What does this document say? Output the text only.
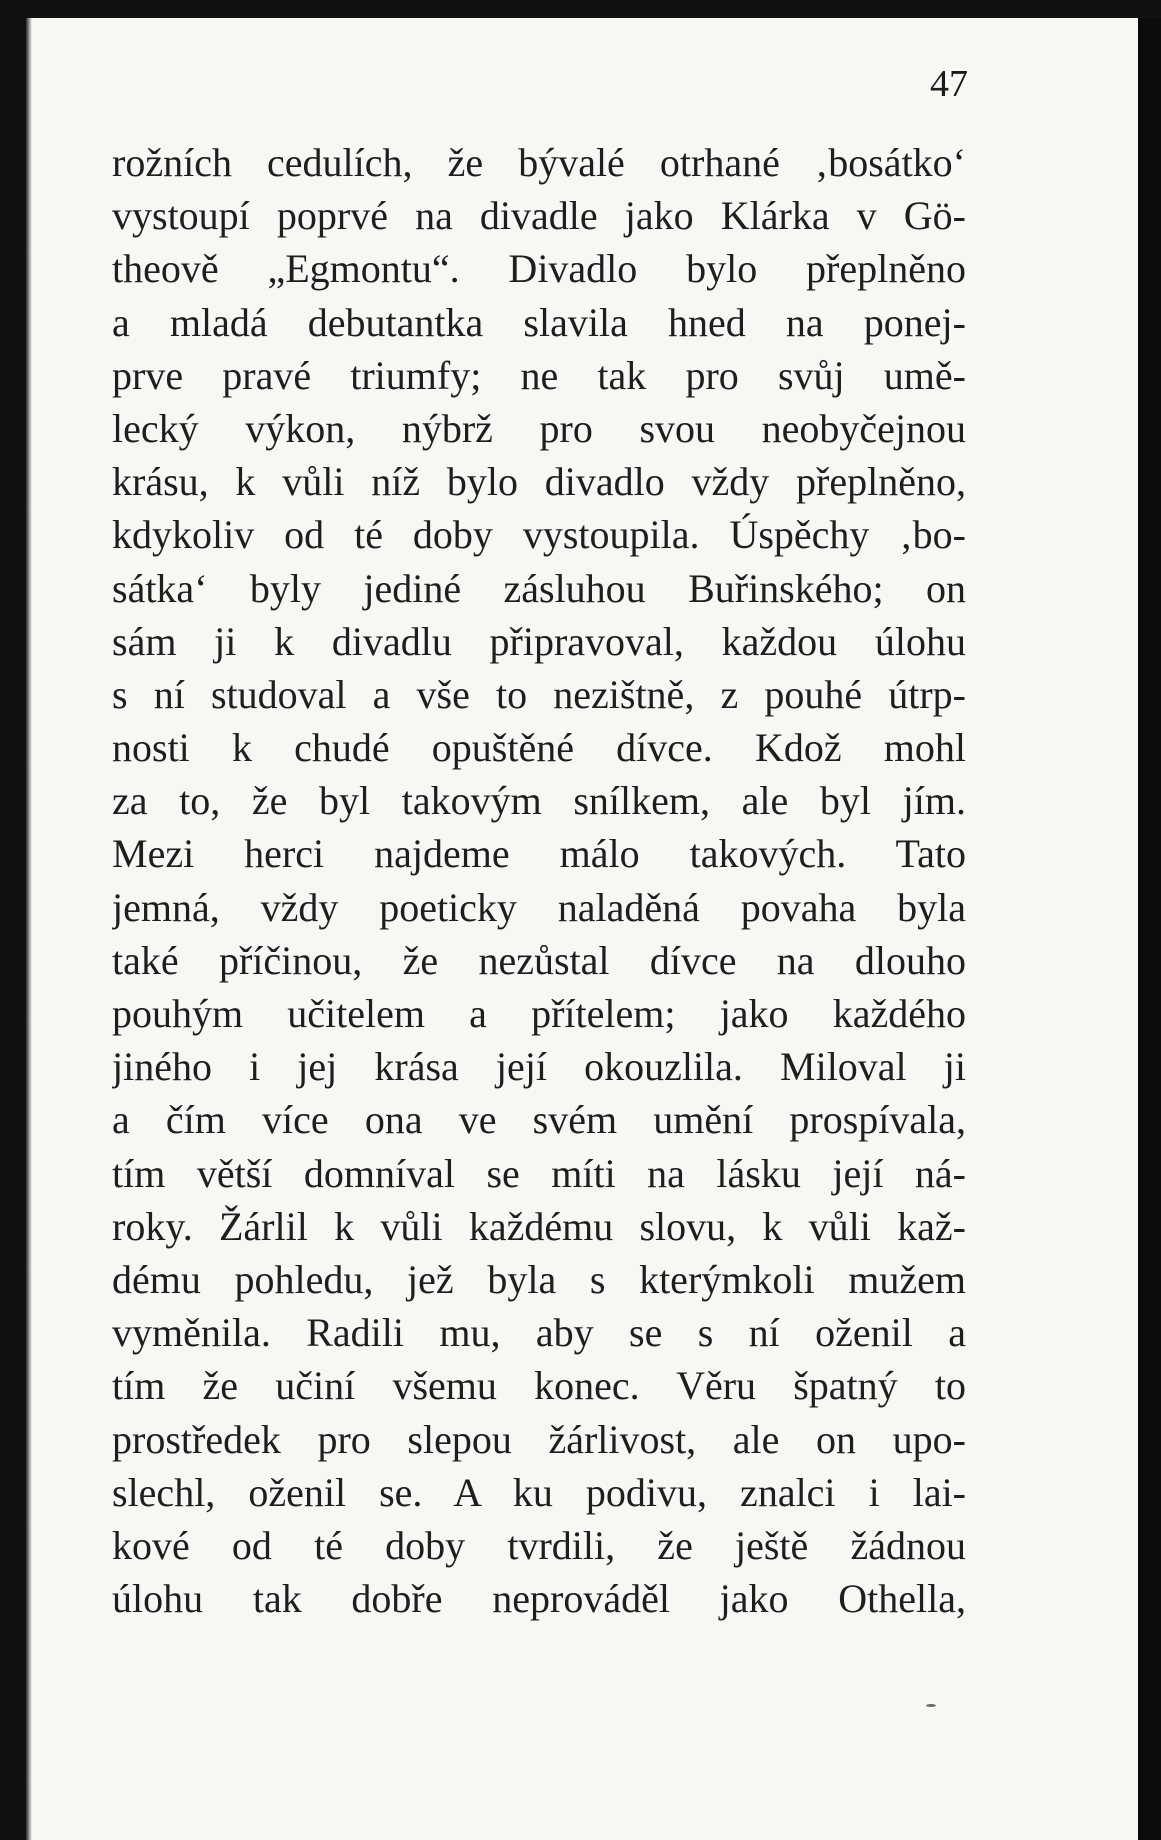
47
rožních cedulích, že bývalé otrhané ‚bosátko‘
vystoupí poprvé na divadle jako Klárka v Gö-
theově „Egmontu“. Divadlo bylo přeplněno
a mladá debutantka slavila hned na ponej-
prve pravé triumfy; ne tak pro svůj umě-
lecký výkon, nýbrž pro svou neobyčejnou
krásu, k vůli níž bylo divadlo vždy přeplněno,
kdykoliv od té doby vystoupila. Úspěchy ‚bo-
sátka‘ byly jediné zásluhou Buřinského; on
sám ji k divadlu připravoval, každou úlohu
s ní studoval a vše to nezištně, z pouhé útrp-
nosti k chudé opuštěné dívce. Kdož mohl
za to, že byl takovým snílkem, ale byl jím.
Mezi herci najdeme málo takových. Tato
jemná, vždy poeticky naladěná povaha byla
také příčinou, že nezůstal dívce na dlouho
pouhým učitelem a přítelem; jako každého
jiného i jej krása její okouzlila. Miloval ji
a čím více ona ve svém umění prospívala,
tím větší domníval se míti na lásku její ná-
roky. Žárlil k vůli každému slovu, k vůli kaž-
dému pohledu, jež byla s kterýmkoli mužem
vyměnila. Radili mu, aby se s ní oženil a
tím že učiní všemu konec. Věru špatný to
prostředek pro slepou žárlivost, ale on upo-
slechl, oženil se. A ku podivu, znalci i lai-
kové od té doby tvrdili, že ještě žádnou
úlohu tak dobře neprováděl jako Othella,
